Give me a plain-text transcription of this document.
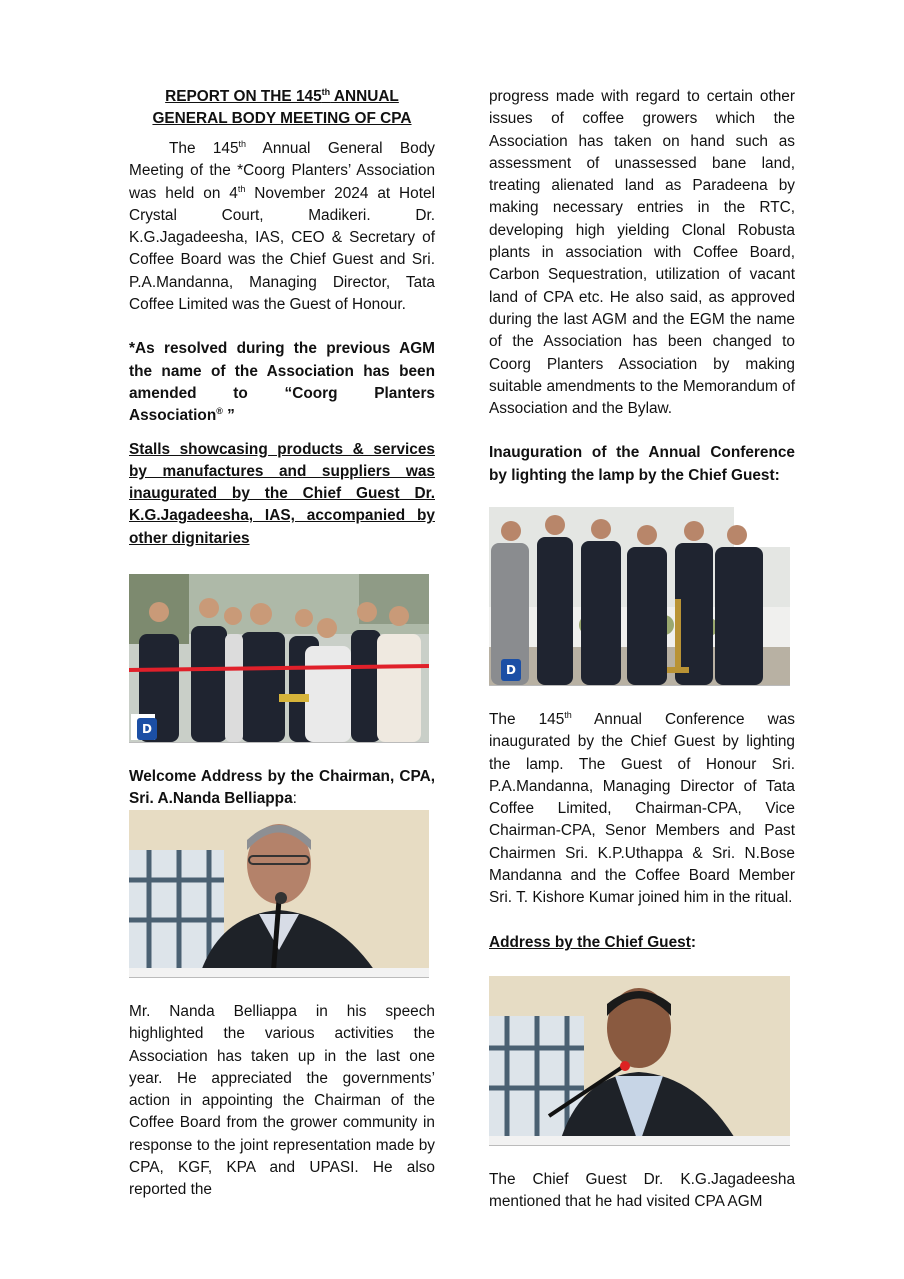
REPORT ON THE 145th ANNUAL
GENERAL BODY MEETING OF CPA

The 145th Annual General Body Meeting of the *Coorg Planters’ Association was held on 4th November 2024 at Hotel Crystal Court, Madikeri. Dr. K.G.Jagadeesha, IAS, CEO & Secretary of Coffee Board was the Chief Guest and Sri. P.A.Mandanna, Managing Director, Tata Coffee Limited was the Guest of Honour.

*As resolved during the previous AGM the name of the Association has been amended to “Coorg Planters Association® ”

Stalls showcasing products & services by manufactures and suppliers was inaugurated by the Chief Guest Dr. K.G.Jagadeesha, IAS, accompanied by other dignitaries

D

Welcome Address by the Chairman, CPA, Sri. A.Nanda Belliappa:

Mr. Nanda Belliappa in his speech highlighted the various activities the Association has taken up in the last one year. He appreciated the governments’ action in appointing the Chairman of the Coffee Board from the grower community in response to the joint representation made by CPA, KGF, KPA and UPASI. He also reported the

progress made with regard to certain other issues of coffee growers which the Association has taken on hand such as assessment of unassessed bane land, treating alienated land as Paradeena by making necessary entries in the RTC, developing high yielding Clonal Robusta plants in association with Coffee Board, Carbon Sequestration, utilization of vacant land of CPA etc. He also said, as approved during the last AGM and the EGM the name of the Association has been changed to Coorg Planters Association by making suitable amendments to the Memorandum of Association and the Bylaw.

Inauguration of the Annual Conference by lighting the lamp by the Chief Guest:

D

The 145th Annual Conference was inaugurated by the Chief Guest by lighting the lamp. The Guest of Honour Sri. P.A.Mandanna, Managing Director of Tata Coffee Limited, Chairman-CPA, Vice Chairman-CPA, Senor Members and Past Chairmen Sri. K.P.Uthappa & Sri. N.Bose Mandanna and the Coffee Board Member Sri. T. Kishore Kumar joined him in the ritual.

Address by the Chief Guest:

The Chief Guest Dr. K.G.Jagadeesha mentioned that he had visited CPA AGM
